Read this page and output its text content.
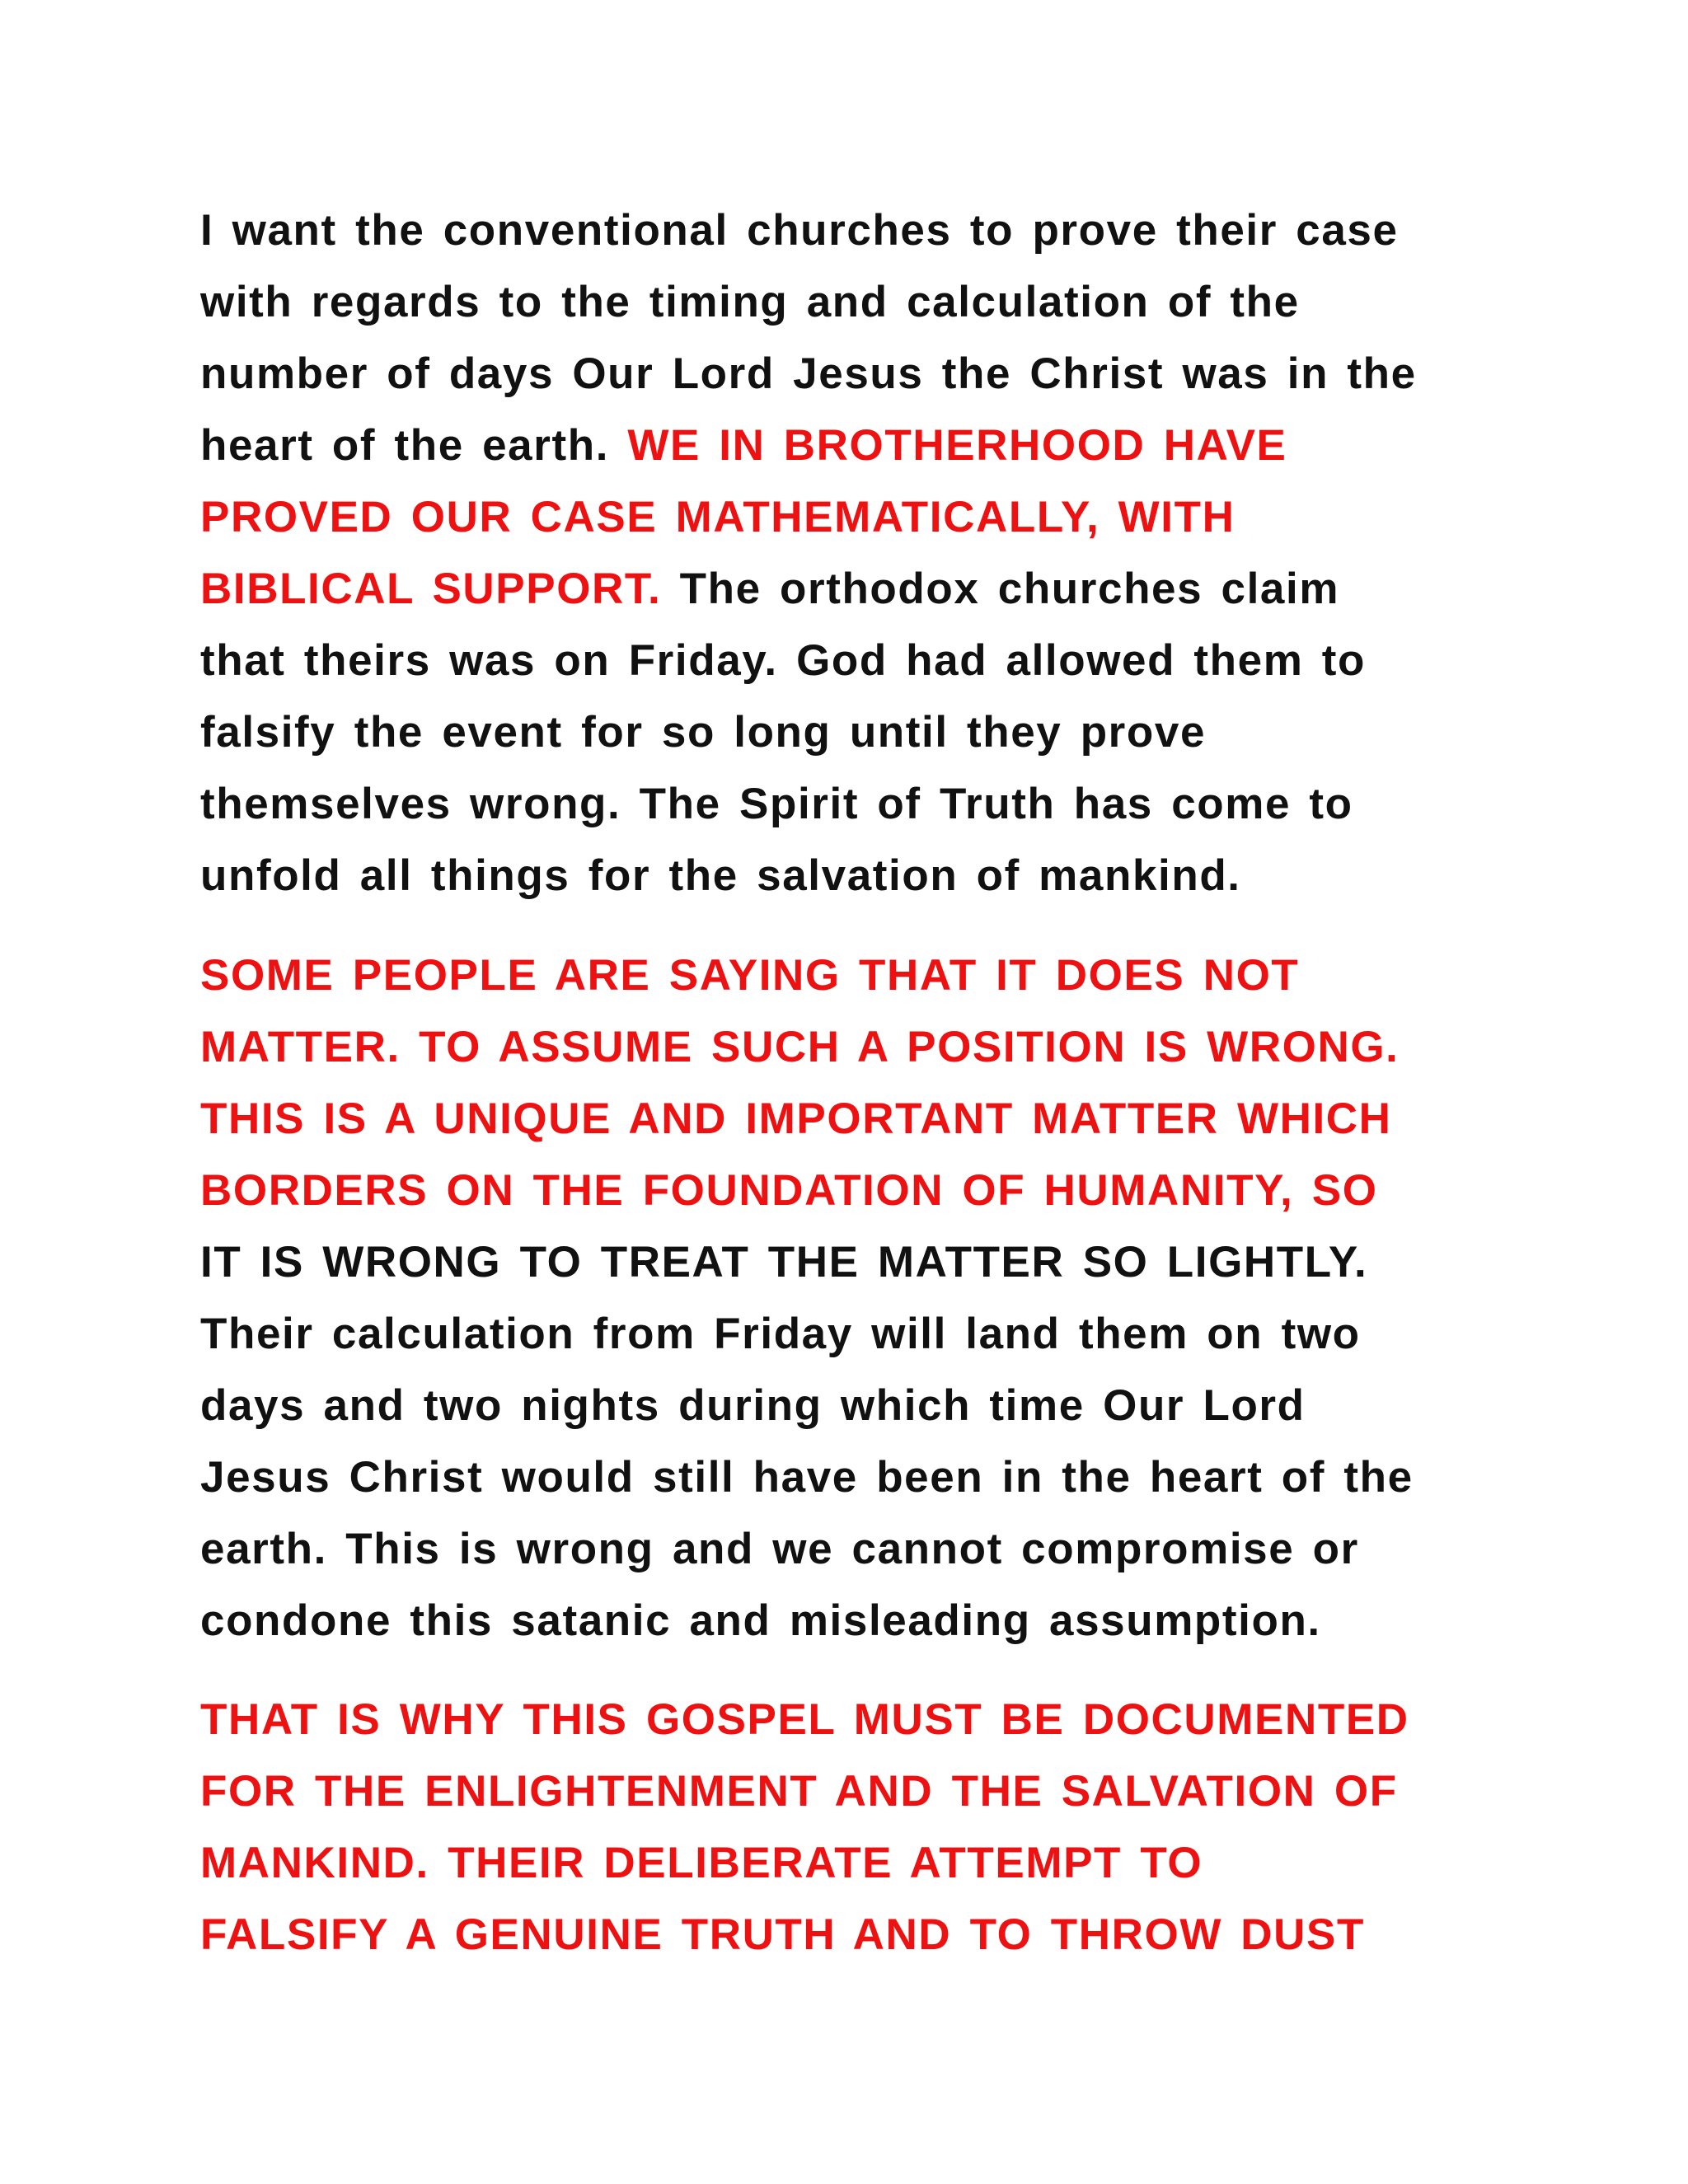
I want the conventional churches to prove their case
with regards to the timing and calculation of the
number of days Our Lord Jesus the Christ was in the
heart of the earth. WE IN BROTHERHOOD HAVE
PROVED OUR CASE MATHEMATICALLY, WITH
BIBLICAL SUPPORT. The orthodox churches claim
that theirs was on Friday. God had allowed them to
falsify the event for so long until they prove
themselves wrong. The Spirit of Truth has come to
unfold all things for the salvation of mankind.
SOME PEOPLE ARE SAYING THAT IT DOES NOT
MATTER. TO ASSUME SUCH A POSITION IS WRONG.
THIS IS A UNIQUE AND IMPORTANT MATTER WHICH
BORDERS ON THE FOUNDATION OF HUMANITY, SO
IT IS WRONG TO TREAT THE MATTER SO LIGHTLY.
Their calculation from Friday will land them on two
days and two nights during which time Our Lord
Jesus Christ would still have been in the heart of the
earth. This is wrong and we cannot compromise or
condone this satanic and misleading assumption.
THAT IS WHY THIS GOSPEL MUST BE DOCUMENTED
FOR THE ENLIGHTENMENT AND THE SALVATION OF
MANKIND. THEIR DELIBERATE ATTEMPT TO
FALSIFY A GENUINE TRUTH AND TO THROW DUST
